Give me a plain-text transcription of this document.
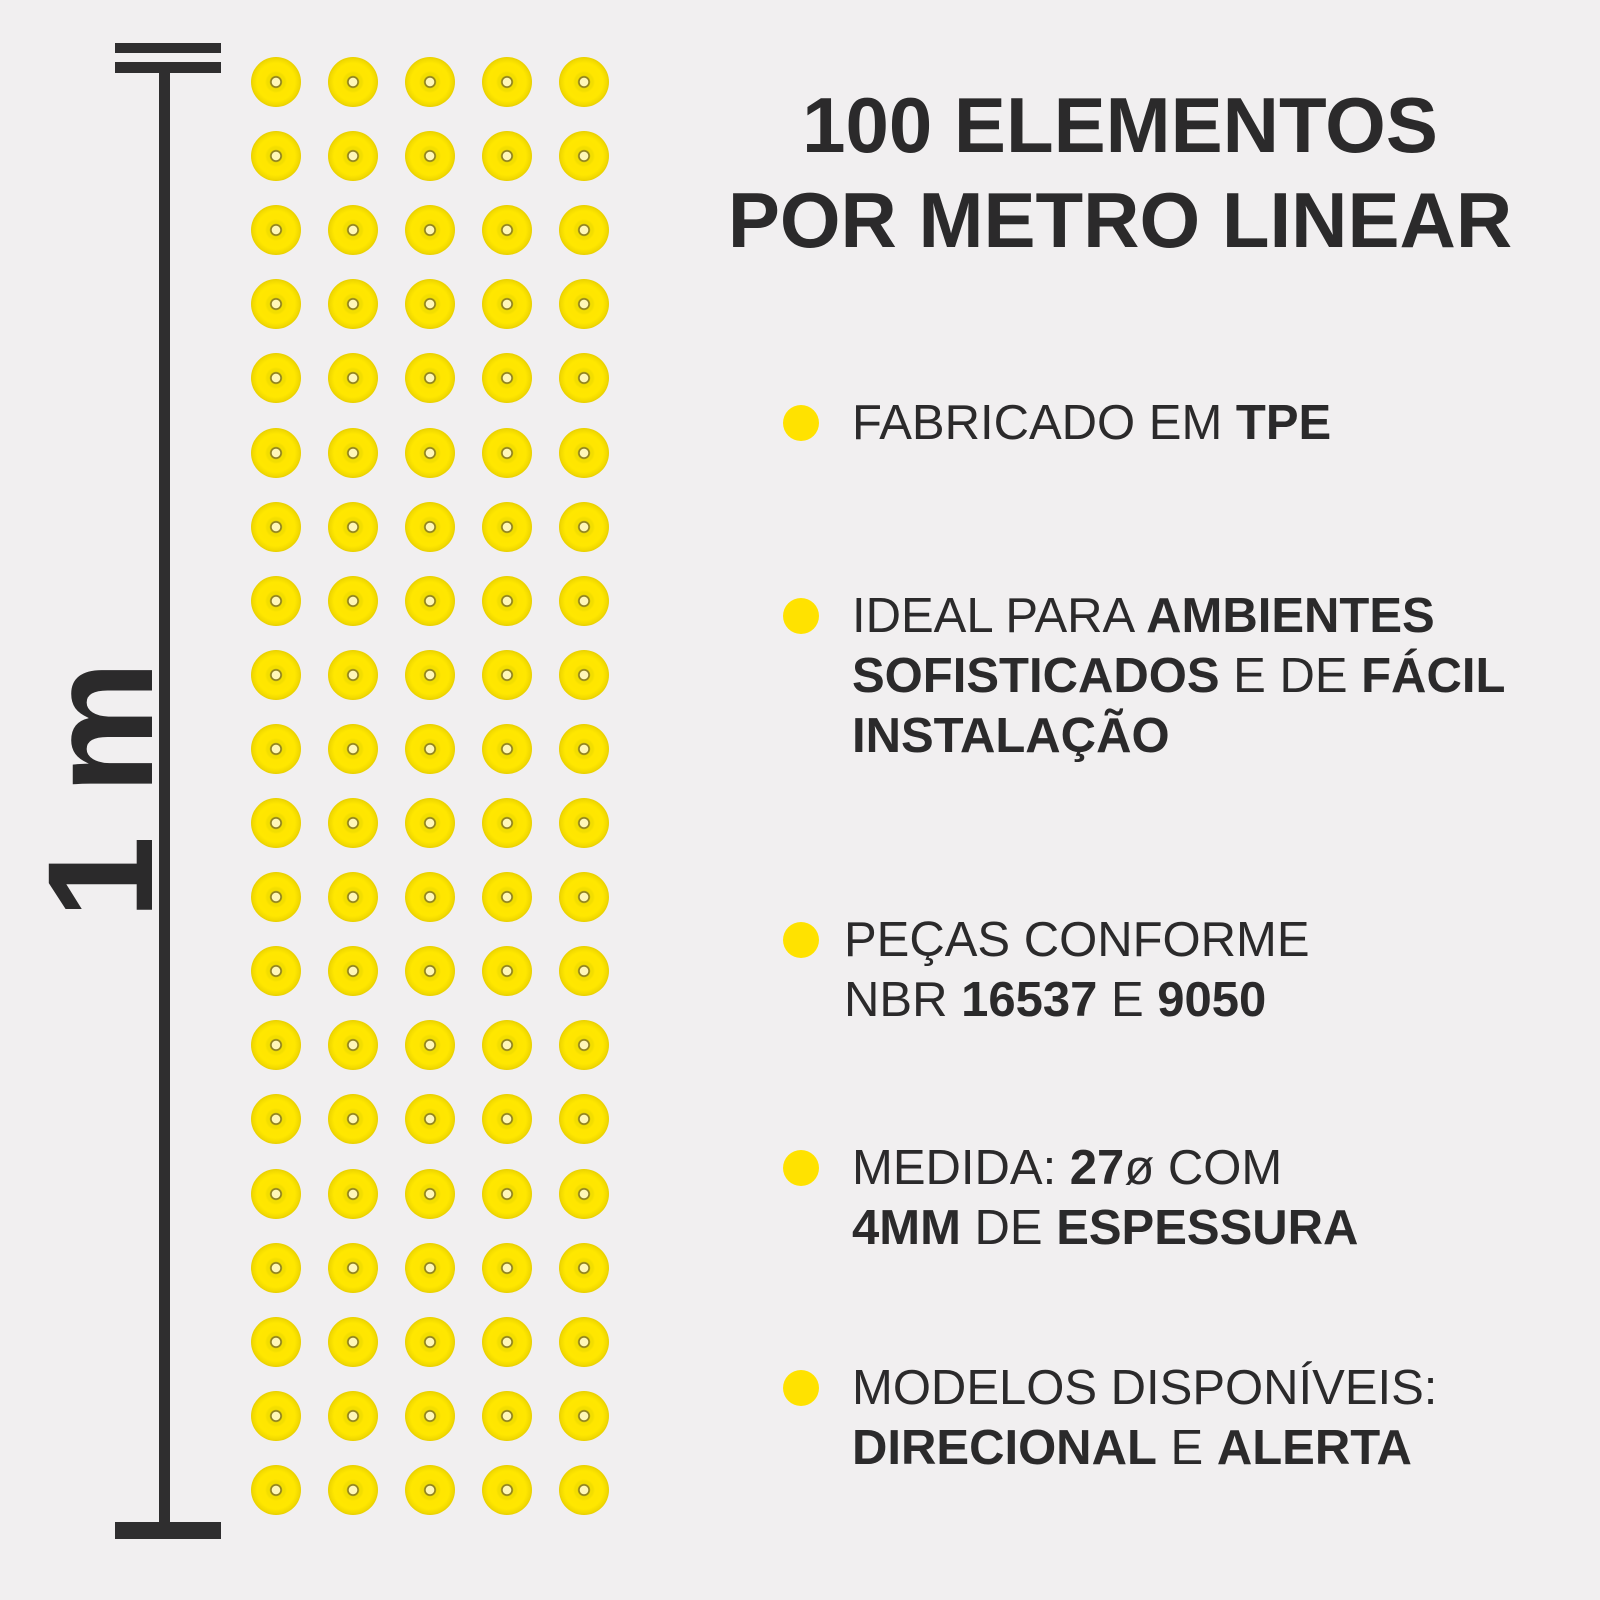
1 m
100 ELEMENTOS
POR METRO LINEAR
FABRICADO EM TPE
IDEAL PARA AMBIENTES
SOFISTICADOS E DE FÁCIL
INSTALAÇÃO
PEÇAS CONFORME
NBR 16537 E 9050
MEDIDA: 27ø COM
4MM DE ESPESSURA
MODELOS DISPONÍVEIS:
DIRECIONAL E ALERTA
